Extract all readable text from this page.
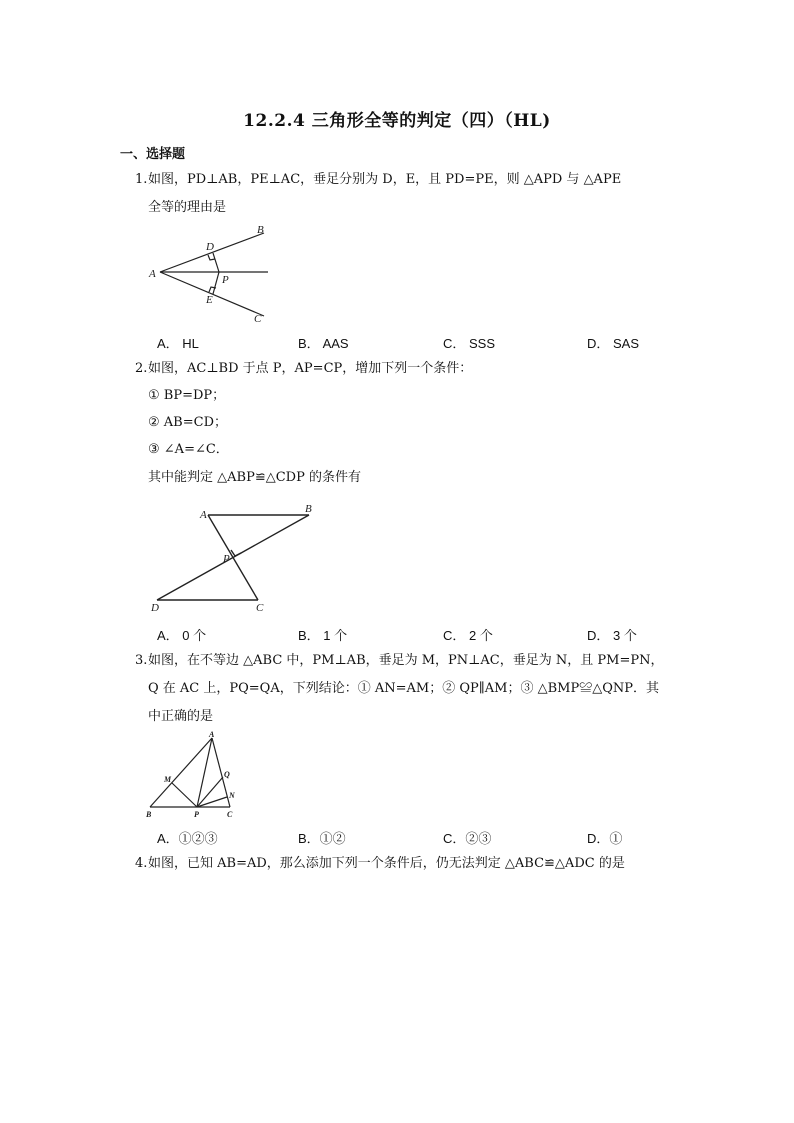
12.2.4 三角形全等的判定（四）（HL)
一、选择题
1. 如图，PD⊥AB，PE⊥AC，垂足分别为 D，E，且 PD=PE，则 △APD 与 △APE
全等的理由是
A
B
C
D
E
P
A． HL	B． AAS	C． SSS	D． SAS
2. 如图，AC⊥BD 于点 P，AP=CP，增加下列一个条件：
① BP=DP；
② AB=CD；
③ ∠A=∠C．
其中能判定 △ABP≌△CDP 的条件有
A	B
C
D
P
A． 0 个	B． 1 个	C． 2 个	D． 3 个
3. 如图，在不等边 △ABC 中，PM⊥AB，垂足为 M，PN⊥AC，垂足为 N，且 PM=PN，
Q 在 AC 上，PQ=QA，下列结论：① AN=AM；② QP∥AM；③ △BMP≌△QNP．其
中正确的是
A
B	C
M
N
P
Q
A．①②③	B．①②	C．②③	D．①
4. 如图，已知 AB=AD，那么添加下列一个条件后，仍无法判定 △ABC≌△ADC 的是
